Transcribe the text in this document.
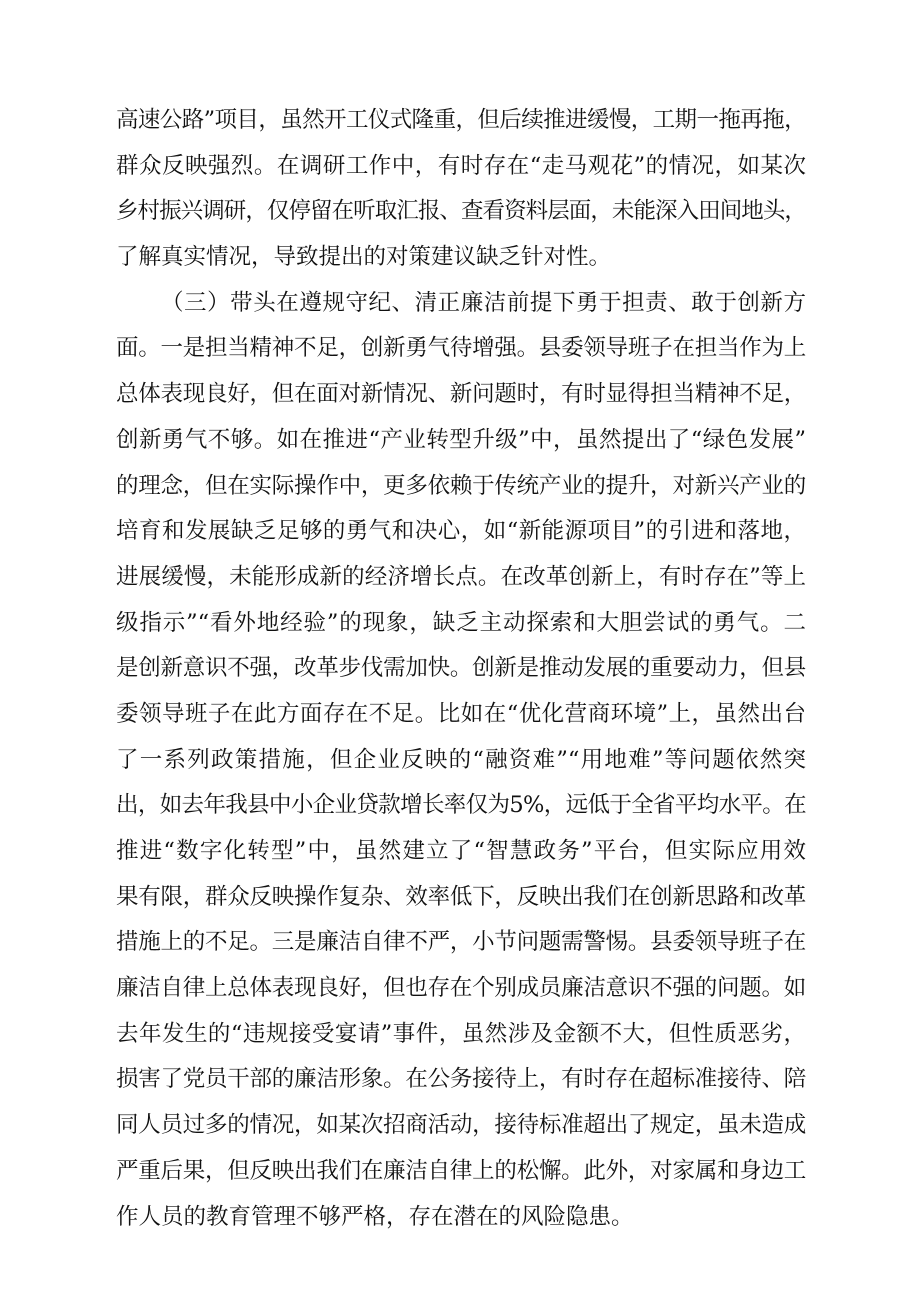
高速公路”项目，虽然开工仪式隆重，但后续推进缓慢，工期一拖再拖，
群众反映强烈。在调研工作中，有时存在“走马观花”的情况，如某次
乡村振兴调研，仅停留在听取汇报、查看资料层面，未能深入田间地头，
了解真实情况，导致提出的对策建议缺乏针对性。
（三）带头在遵规守纪、清正廉洁前提下勇于担责、敢于创新方
面。一是担当精神不足，创新勇气待增强。县委领导班子在担当作为上
总体表现良好，但在面对新情况、新问题时，有时显得担当精神不足，
创新勇气不够。如在推进“产业转型升级”中，虽然提出了“绿色发展”
的理念，但在实际操作中，更多依赖于传统产业的提升，对新兴产业的
培育和发展缺乏足够的勇气和决心，如“新能源项目”的引进和落地，
进展缓慢，未能形成新的经济增长点。在改革创新上，有时存在”等上
级指示”“看外地经验”的现象，缺乏主动探索和大胆尝试的勇气。二
是创新意识不强，改革步伐需加快。创新是推动发展的重要动力，但县
委领导班子在此方面存在不足。比如在“优化营商环境”上，虽然出台
了一系列政策措施，但企业反映的“融资难”“用地难”等问题依然突
出，如去年我县中小企业贷款增长率仅为5%，远低于全省平均水平。在
推进“数字化转型”中，虽然建立了“智慧政务”平台，但实际应用效
果有限，群众反映操作复杂、效率低下，反映出我们在创新思路和改革
措施上的不足。三是廉洁自律不严，小节问题需警惕。县委领导班子在
廉洁自律上总体表现良好，但也存在个别成员廉洁意识不强的问题。如
去年发生的“违规接受宴请”事件，虽然涉及金额不大，但性质恶劣，
损害了党员干部的廉洁形象。在公务接待上，有时存在超标准接待、陪
同人员过多的情况，如某次招商活动，接待标准超出了规定，虽未造成
严重后果，但反映出我们在廉洁自律上的松懈。此外，对家属和身边工
作人员的教育管理不够严格，存在潜在的风险隐患。
